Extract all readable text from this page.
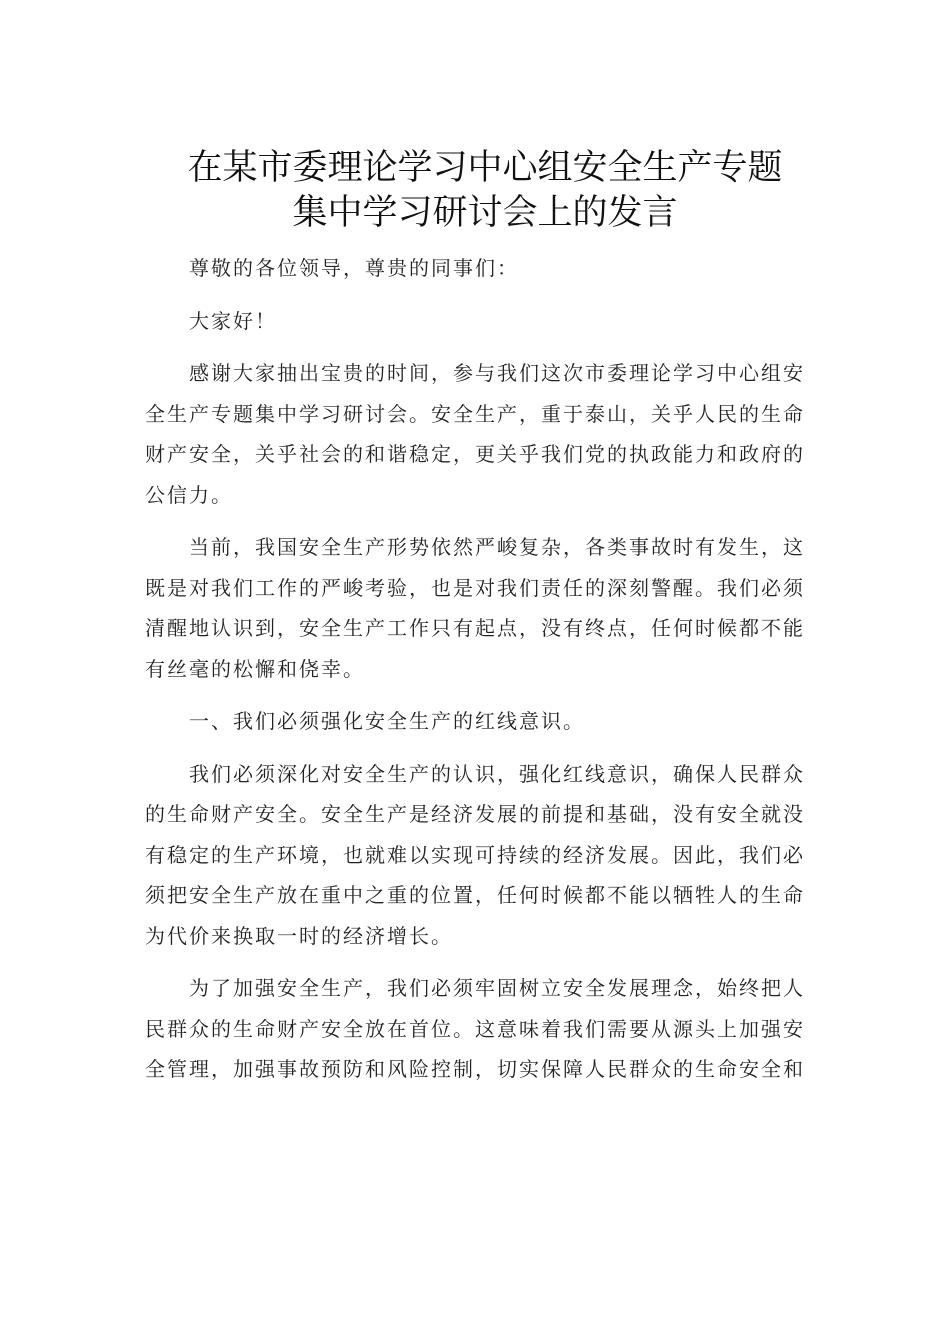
在某市委理论学习中心组安全生产专题
集中学习研讨会上的发言

尊敬的各位领导，尊贵的同事们：

大家好！

感谢大家抽出宝贵的时间，参与我们这次市委理论学习中心组安全生产专题集中学习研讨会。安全生产，重于泰山，关乎人民的生命财产安全，关乎社会的和谐稳定，更关乎我们党的执政能力和政府的公信力。

当前，我国安全生产形势依然严峻复杂，各类事故时有发生，这既是对我们工作的严峻考验，也是对我们责任的深刻警醒。我们必须清醒地认识到，安全生产工作只有起点，没有终点，任何时候都不能有丝毫的松懈和侥幸。

一、我们必须强化安全生产的红线意识。

我们必须深化对安全生产的认识，强化红线意识，确保人民群众的生命财产安全。安全生产是经济发展的前提和基础，没有安全就没有稳定的生产环境，也就难以实现可持续的经济发展。因此，我们必须把安全生产放在重中之重的位置，任何时候都不能以牺牲人的生命为代价来换取一时的经济增长。

为了加强安全生产，我们必须牢固树立安全发展理念，始终把人民群众的生命财产安全放在首位。这意味着我们需要从源头上加强安全管理，加强事故预防和风险控制，切实保障人民群众的生命安全和
